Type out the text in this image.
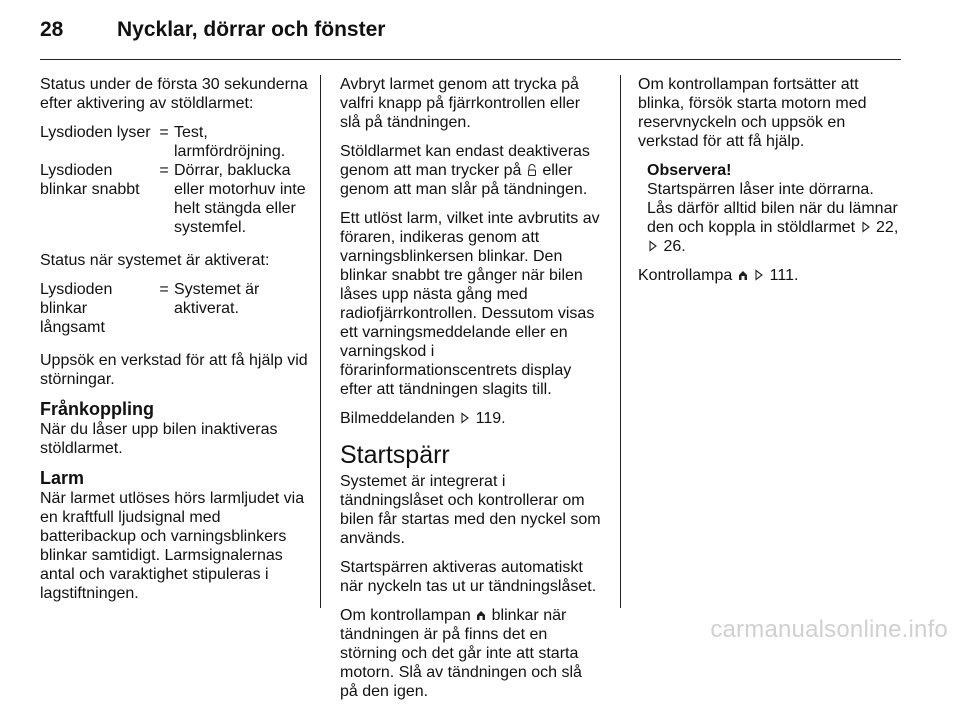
28	Nycklar, dörrar och fönster

Status under de första 30 sekunderna efter aktivering av stöldlarmet:

Lysdioden lyser = Test, larmfördröjning.
Lysdioden blinkar snabbt
= Dörrar, baklucka eller motorhuv inte helt stängda eller systemfel.

Status när systemet är aktiverat:

Lysdioden blinkar långsamt
= Systemet är aktiverat.

Uppsök en verkstad för att få hjälp vid störningar.

Frånkoppling

När du låser upp bilen inaktiveras stöldlarmet.

Larm

När larmet utlöses hörs larmljudet via en kraftfull ljudsignal med batteribackup och varningsblinkers blinkar samtidigt. Larmsignalernas antal och varaktighet stipuleras i lagstiftningen.

Avbryt larmet genom att trycka på valfri knapp på fjärrkontrollen eller slå på tändningen.

Stöldlarmet kan endast deaktiveras genom att man trycker på eller genom att man slår på tändningen.

Ett utlöst larm, vilket inte avbrutits av föraren, indikeras genom att varningsblinkersen blinkar. Den blinkar snabbt tre gånger när bilen låses upp nästa gång med radiofjärrkontrollen. Dessutom visas ett varningsmeddelande eller en varningskod i förarinformationscentrets display efter att tändningen slagits till.

Bilmeddelanden 119.

Startspärr

Systemet är integrerat i tändningslåset och kontrollerar om bilen får startas med den nyckel som används.

Startspärren aktiveras automatiskt när nyckeln tas ut ur tändningslåset.

Om kontrollampan blinkar när tändningen är på finns det en störning och det går inte att starta motorn. Slå av tändningen och slå på den igen.

Om kontrollampan fortsätter att blinka, försök starta motorn med reservnyckeln och uppsök en verkstad för att få hjälp.

Observera!
Startspärren låser inte dörrarna. Lås därför alltid bilen när du lämnar den och koppla in stöldlarmet 22,
26.

Kontrollampa 111.

carmanualsonline.info
